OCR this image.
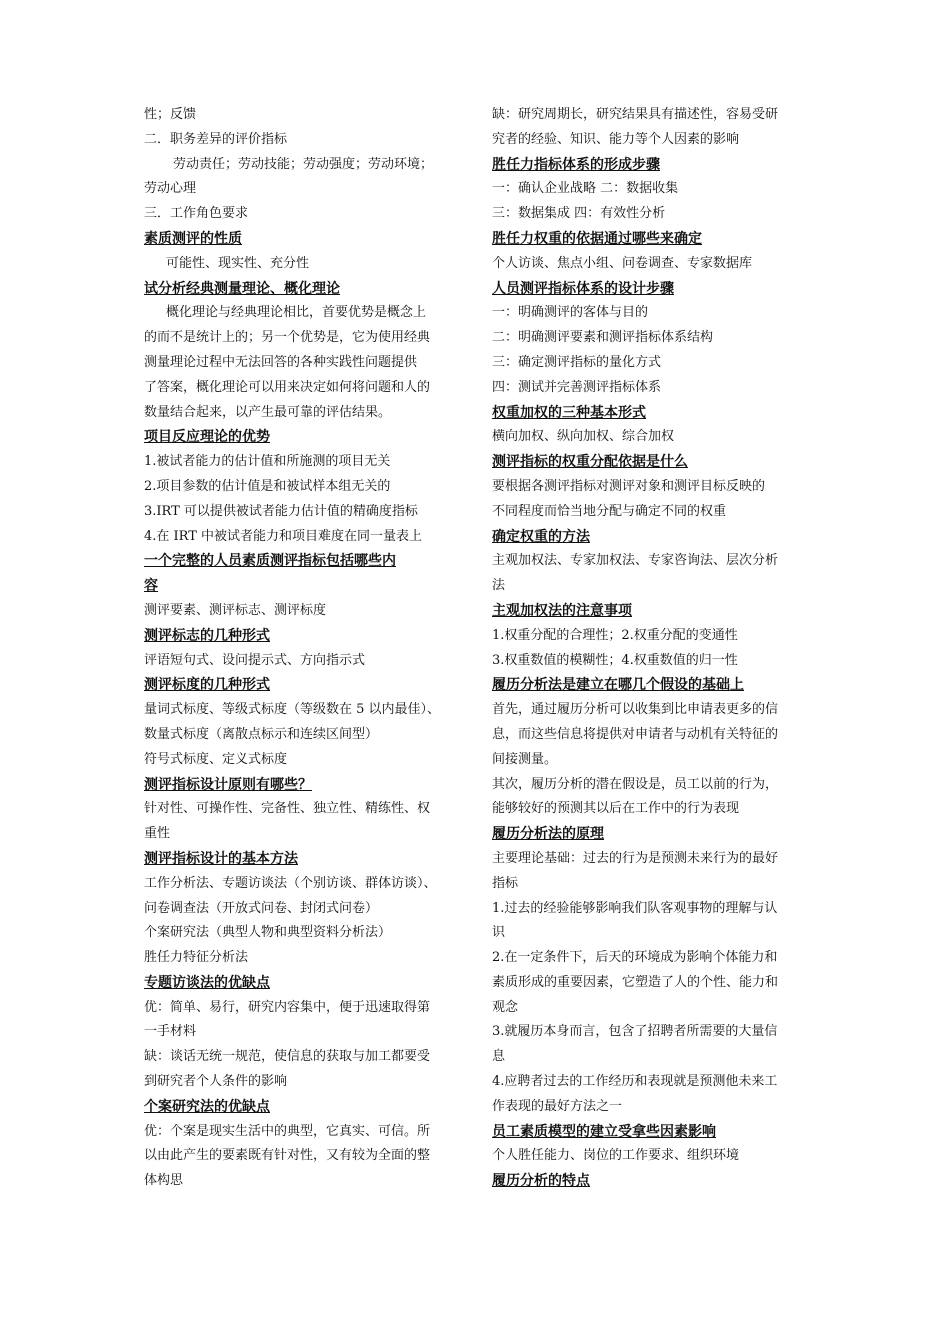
性；反馈
二．职务差异的评价指标
劳动责任；劳动技能；劳动强度；劳动环境；
劳动心理
三．工作角色要求
素质测评的性质
可能性、现实性、充分性
试分析经典测量理论、概化理论
概化理论与经典理论相比，首要优势是概念上
的而不是统计上的；另一个优势是，它为使用经典
测量理论过程中无法回答的各种实践性问题提供
了答案，概化理论可以用来决定如何将问题和人的
数量结合起来，以产生最可靠的评估结果。
项目反应理论的优势
1.被试者能力的估计值和所施测的项目无关
2.项目参数的估计值是和被试样本组无关的
3.IRT 可以提供被试者能力估计值的精确度指标
4.在 IRT 中被试者能力和项目难度在同一量表上
一个完整的人员素质测评指标包括哪些内
容
测评要素、测评标志、测评标度
测评标志的几种形式
评语短句式、设问提示式、方向指示式
测评标度的几种形式
量词式标度、等级式标度（等级数在 5 以内最佳）、
数量式标度（离散点标示和连续区间型）
符号式标度、定义式标度
测评指标设计原则有哪些？
针对性、可操作性、完备性、独立性、精练性、权
重性
测评指标设计的基本方法
工作分析法、专题访谈法（个别访谈、群体访谈）、
问卷调查法（开放式问卷、封闭式问卷）
个案研究法（典型人物和典型资料分析法）
胜任力特征分析法
专题访谈法的优缺点
优：简单、易行，研究内容集中，便于迅速取得第
一手材料
缺：谈话无统一规范，使信息的获取与加工都要受
到研究者个人条件的影响
个案研究法的优缺点
优：个案是现实生活中的典型，它真实、可信。所
以由此产生的要素既有针对性，又有较为全面的整
体构思
缺：研究周期长，研究结果具有描述性，容易受研
究者的经验、知识、能力等个人因素的影响
胜任力指标体系的形成步骤
一：确认企业战略 二：数据收集
三：数据集成 四：有效性分析
胜任力权重的依据通过哪些来确定
个人访谈、焦点小组、问卷调查、专家数据库
人员测评指标体系的设计步骤
一：明确测评的客体与目的
二：明确测评要素和测评指标体系结构
三：确定测评指标的量化方式
四：测试并完善测评指标体系
权重加权的三种基本形式
横向加权、纵向加权、综合加权
测评指标的权重分配依据是什么
要根据各测评指标对测评对象和测评目标反映的
不同程度而恰当地分配与确定不同的权重
确定权重的方法
主观加权法、专家加权法、专家咨询法、层次分析
法
主观加权法的注意事项
1.权重分配的合理性；2.权重分配的变通性
3.权重数值的模糊性；4.权重数值的归一性
履历分析法是建立在哪几个假设的基础上
首先，通过履历分析可以收集到比申请表更多的信
息，而这些信息将提供对申请者与动机有关特征的
间接测量。
其次，履历分析的潜在假设是，员工以前的行为，
能够较好的预测其以后在工作中的行为表现
履历分析法的原理
主要理论基础：过去的行为是预测未来行为的最好
指标
1.过去的经验能够影响我们队客观事物的理解与认
识
2.在一定条件下，后天的环境成为影响个体能力和
素质形成的重要因素，它塑造了人的个性、能力和
观念
3.就履历本身而言，包含了招聘者所需要的大量信
息
4.应聘者过去的工作经历和表现就是预测他未来工
作表现的最好方法之一
员工素质模型的建立受拿些因素影响
个人胜任能力、岗位的工作要求、组织环境
履历分析的特点
